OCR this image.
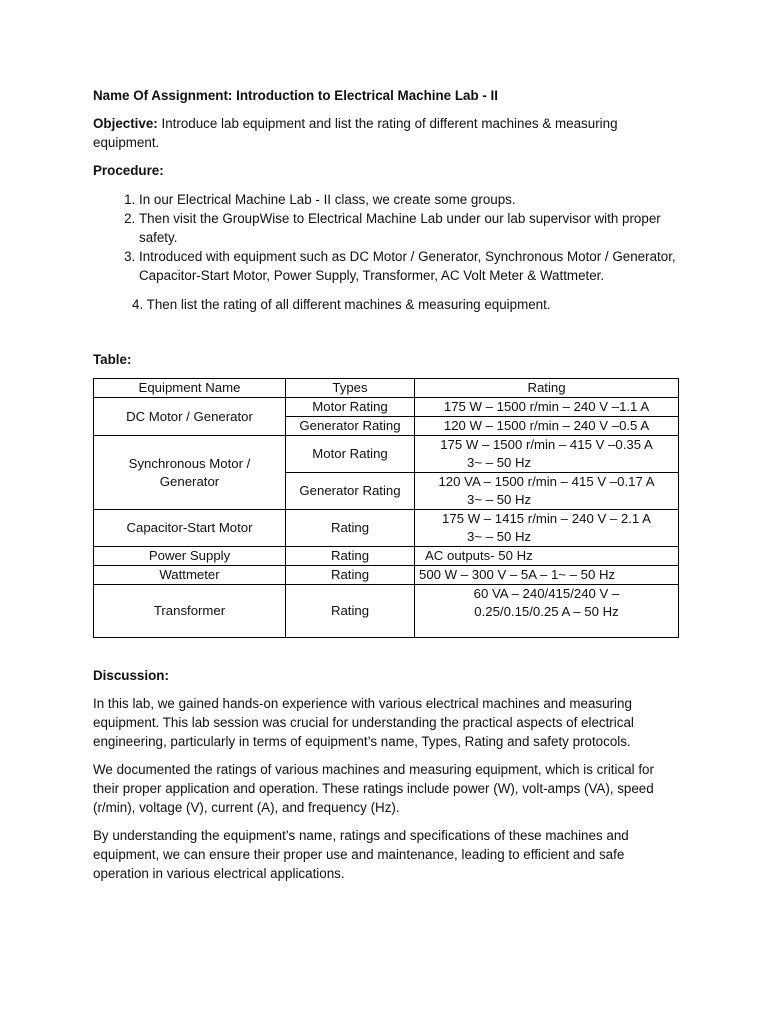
Name Of Assignment: Introduction to Electrical Machine Lab - II

Objective: Introduce lab equipment and list the rating of different machines & measuring equipment.

Procedure:

1. In our Electrical Machine Lab - II class, we create some groups.
2. Then visit the GroupWise to Electrical Machine Lab under our lab supervisor with proper safety.
3. Introduced with equipment such as DC Motor / Generator, Synchronous Motor / Generator, Capacitor-Start Motor, Power Supply, Transformer, AC Volt Meter & Wattmeter.

4. Then list the rating of all different machines & measuring equipment.

Table:

Equipment Name	Types	Rating
DC Motor / Generator	Motor Rating	175 W – 1500 r/min – 240 V –1.1 A
	Generator Rating	120 W – 1500 r/min – 240 V –0.5 A
Synchronous Motor / Generator	Motor Rating	175 W – 1500 r/min – 415 V –0.35 A
3~ – 50 Hz

	Generator Rating	120 VA – 1500 r/min – 415 V –0.17 A
3~ – 50 Hz

Capacitor-Start Motor	Rating	175 W – 1415 r/min – 240 V – 2.1 A
3~ – 50 Hz

Power Supply	Rating	AC outputs- 50 Hz
Wattmeter	Rating	500 W – 300 V – 5A – 1~ – 50 Hz
Transformer	Rating	60 VA – 240/415/240 V –
0.25/0.15/0.25 A – 50 Hz

Discussion:

In this lab, we gained hands-on experience with various electrical machines and measuring equipment. This lab session was crucial for understanding the practical aspects of electrical engineering, particularly in terms of equipment’s name, Types, Rating and safety protocols.

We documented the ratings of various machines and measuring equipment, which is critical for their proper application and operation. These ratings include power (W), volt-amps (VA), speed (r/min), voltage (V), current (A), and frequency (Hz).

By understanding the equipment’s name, ratings and specifications of these machines and equipment, we can ensure their proper use and maintenance, leading to efficient and safe operation in various electrical applications.
